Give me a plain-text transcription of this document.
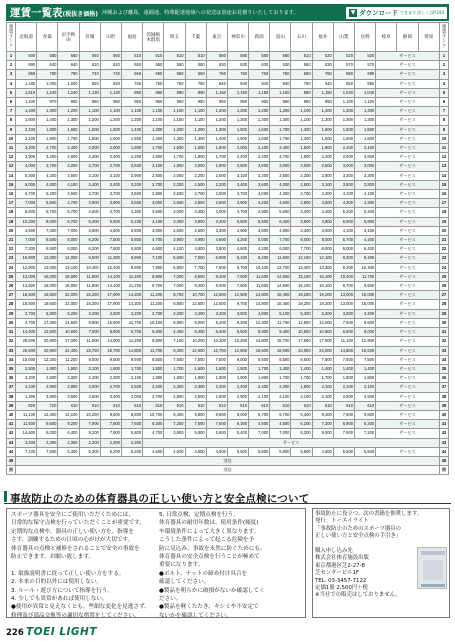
運賃一覧表(税抜き価格) 沖縄および離島、遠隔地、特殊配達地域への発送は別途お見積りいたしております。	▼ ダウンロード できます 詳しくはP.244
運賃ランク	北海道	青森	岩手秋田	宮城	山形	福島	茨城栃木群馬	埼玉	千葉	東京	神奈川	新潟	富山	石川	福井	山梨	長野	岐阜	静岡	愛知	運賃ランク
1	600	580	560	560	560	510	510	510	510	580	580	580	580	510	520	520	520	サービス			1
2	690	640	640	610	610	550	550	550	550	630	630	630	630	550	630	570	570	サービス			2
3	860	790	790	740	740	650	650	650	650	760	760	760	760	650	760	690	690	サービス			3
4	1,180	1,000	1,000	920	920	760	760	760	760	940	940	940	940	760	940	850	850	サービス			4
5	1,510	1,240	1,240	1,130	1,130	890	890	890	890	1,150	1,150	1,150	1,150	890	1,150	1,040	1,040	サービス			5
6	1,100	970	950	950	950	950	950	950	950	950	950	950	950	950	950	1,100	1,100	サービス			6
7	1,400	1,300	1,200	1,100	1,100	1,100	1,100	1,100	1,100	1,200	1,200	1,200	1,200	1,100	1,200	1,300	1,300	サービス			7
8	1,600	1,400	1,300	1,200	1,200	1,200	1,100	1,100	1,100	1,200	1,300	1,300	1,300	1,100	1,200	1,300	1,300	サービス			8
9	2,100	1,800	1,600	1,500	1,500	1,400	1,300	1,200	1,200	1,300	1,500	1,600	1,700	1,300	1,600	1,500	1,500	サービス			9
10	2,100	1,900	1,700	1,600	1,600	1,500	1,400	1,300	1,300	1,400	1,600	1,600	1,700	1,300	1,600	1,600	1,600	サービス			10
11	3,200	2,700	2,400	2,000	2,000	1,900	1,700	1,500	1,600	1,500	2,000	2,100	2,400	1,500	1,900	2,100	2,100	サービス			11
12	3,900	3,200	2,800	2,400	2,400	2,200	1,900	1,700	1,800	1,700	2,400	2,400	2,700	1,800	2,200	2,600	2,600	サービス			12
13	4,000	3,700	3,200	2,700	2,700	2,500	2,100	1,800	2,000	1,800	2,500	2,600	3,000	2,000	2,500	3,000	3,000	サービス			13
14	5,300	4,200	3,600	3,100	3,100	2,900	2,500	2,000	2,200	2,000	3,100	3,300	3,500	2,300	2,800	3,300	3,300	サービス			14
15	6,000	4,800	4,100	3,400	3,400	3,200	2,700	2,200	2,500	2,200	3,400	3,600	4,000	2,500	3,100	3,800	3,800	サービス			15
16	6,700	5,200	4,500	3,700	3,700	3,500	2,900	2,500	2,700	2,500	3,700	4,000	4,300	2,700	3,400	4,100	4,100	サービス			16
17	7,000	5,500	4,700	3,900	3,900	3,600	3,000	2,600	2,800	2,600	3,900	4,200	4,600	2,800	3,500	4,300	4,300	サービス			17
18	8,600	6,700	5,700	4,600	4,700	4,300	3,600	3,000	3,300	3,000	4,700	4,900	5,500	3,300	4,200	5,200	5,200	サービス			18
19	10,200	8,000	6,700	5,400	5,500	5,100	4,100	3,400	3,800	3,400	5,500	5,800	6,400	3,800	4,900	5,900	5,900	サービス			19
20	4,500	7,000	7,000	3,900	4,800	3,600	3,000	2,600	2,600	3,300	2,900	3,800	4,800	3,300	3,000	4,100	4,100	サービス			20
21	7,000	8,500	8,000	6,200	7,500	5,800	4,700	3,900	4,900	4,600	4,200	6,000	7,700	8,000	8,000	5,700	4,400	サービス			21
22	7,200	8,500	8,000	6,200	7,500	5,800	4,600	4,100	4,800	3,800	4,600	4,200	6,000	7,700	8,000	8,000	6,400	サービス			22
23	10,800	12,000	14,000	9,500	11,300	8,900	7,100	5,600	7,000	6,900	6,100	9,200	11,600	12,100	12,100	8,300	9,400	サービス			23
24	12,800	13,000	13,100	10,400	12,400	9,900	7,800	6,800	7,700	7,600	6,700	10,100	12,700	13,300	13,300	9,200	10,300	サービス			24
25	13,000	16,000	18,000	11,900	14,100	11,200	8,900	7,000	8,600	8,400	7,600	11,600	14,500	15,100	15,100	10,400	11,700	サービス			25
26	13,600	16,000	18,000	11,900	14,100	11,200	8,700	7,000	8,400	8,400	7,600	11,600	14,500	15,100	15,100	8,700	9,500	サービス			26
27	18,500	19,500	22,000	15,200	17,900	14,200	11,200	8,700	10,700	12,500	12,500	14,800	18,400	19,200	19,200	13,000	15,000	サービス			27
28	18,500	19,500	22,000	15,200	17,900	14,200	11,200	8,800	12,500	12,500	9,700	14,800	18,400	19,200	19,200	13,000	15,000	サービス			28
29	2,700	5,900	5,200	3,400	4,500	3,200	2,700	2,200	3,400	3,400	3,500	4,800	5,100	5,300	5,300	3,600	4,200	サービス			29
30	2,700	17,200	14,500	9,800	15,500	11,700	10,100	8,800	8,000	8,200	9,200	12,300	11,700	12,800	14,000	7,600	8,600	サービス			30
31	14,500	12,500	10,600	7,500	8,900	6,700	5,300	4,400	6,400	6,400	5,500	8,900	9,400	10,500	10,800	6,800	8,000	サービス			31
32	28,600	20,900	17,000	11,900	14,000	11,200	8,800	7,100	10,200	10,200	10,200	14,800	15,700	17,600	17,600	11,100	12,800	サービス			32
33	28,600	20,900	22,400	15,700	18,700	14,800	11,700	9,300	12,600	12,700	12,800	19,500	19,000	23,000	23,000	14,800	16,600	サービス			33
34	15,000	12,200	11,200	9,000	9,500	9,500	8,500	7,500	7,500	7,500	9,000	9,500	8,500	8,500	7,500	7,500	7,500	サービス			34
35	2,500	1,900	1,900	2,100	1,800	1,700	1,500	1,700	1,500	1,600	1,500	1,700	1,400	1,400	1,400	1,400	1,400	サービス			35
36	3,200	2,600	2,300	2,400	2,300	2,100	1,900	1,900	1,900	1,900	1,900	1,900	1,700	1,700	1,700	1,800	1,800	サービス			36
37	4,100	2,900	2,800	3,000	2,700	2,500	2,200	2,300	2,300	2,300	2,400	2,400	2,300	1,800	2,100	2,100	2,100	サービス			37
38	1,300	3,900	3,500	3,600	3,400	3,000	2,700	2,800	2,800	2,800	2,900	2,100	2,100	2,100	2,100	2,500	2,500	サービス			38
39	820	720	610	610	610	610	510	510	510	510	510	610	610	610	610	610	610	サービス			39
40	11,100	12,400	12,100	10,200	9,800	9,800	10,700	9,400	9,800	9,800	8,000	5,700	5,700	6,400	9,400	7,600	9,800	サービス			40
41	11,500	9,500	9,200	7,900	7,600	7,600	8,300	7,300	7,600	7,600	6,300	4,500	4,500	5,200	7,300	5,900	6,300	サービス			41
42	14,600	8,000	6,400	9,200	7,900	5,800	4,700	3,800	5,800	5,800	5,400	7,000	7,000	8,300	9,000	7,500	7,200	サービス			42
43	3,200	2,300	2,300	2,300	2,300	2,300	サービス														43
44	7,100	7,500	5,300	5,300	5,200	5,200	4,600	4,600	4,600	4,600	5,500	5,800	5,800	5,800	4,600	5,500	5,500	サービス			44
45	別送																				45
別	別送																				別
事故防止のための体育器具の正しい使い方と安全点検について

スポーツ器具を安全にご使用いただくためには、

日常的な保守点検を行っていただくことが重要です。

定期的な点検や、器具の正しい使い方を、指導を

さす、訓練するための日頃の心がけが大切です。

体育器具の点検と補修をされることで安全の事故を

防止できます。お願い致します。

1. 取扱説明書に従って正しい使い方をする。

2. 本来の目的以外には使用しない。

3. ルール・遊び方について指導を行う。

4. 少しでも異常があれば使用しない。

●使用が異常と見えなくとも、些細な変化を見逃さず、

修理及び部品交換等の適切な措置をしてください。

5. 日常点検、定期点検を行う。

体育器具の耐用年数は、使用条件(頻度)

や環境条件によって大きく異なります。

こうした条件によって起こる危険を予

防に見込み、事故を未然に防ぐためにも、

体育器具の安全点検を行うことが極めて

重要になります。

●ボルト、ナットの締め付け具合を

確認してください。

●製品を明らかに破損がないか確認してく

ださい。

●製品を軽くたたき、キシミや不安定で

ないかを確認してください。

事故防止に役立つ、次の書籍を推奨します。

発行：トーエイライト

「事故防止のためのスポーツ器具の

正しい使い方と安全点検の手引き」

購入申し込み先

株式会社体育施設出版

東京都港区芝2-27-8

芝センタービル1F

TEL. 03-3457-7122

定価1冊 2,500円＋税

※当社での販売はしておりません。

226 TOEI LIGHT
